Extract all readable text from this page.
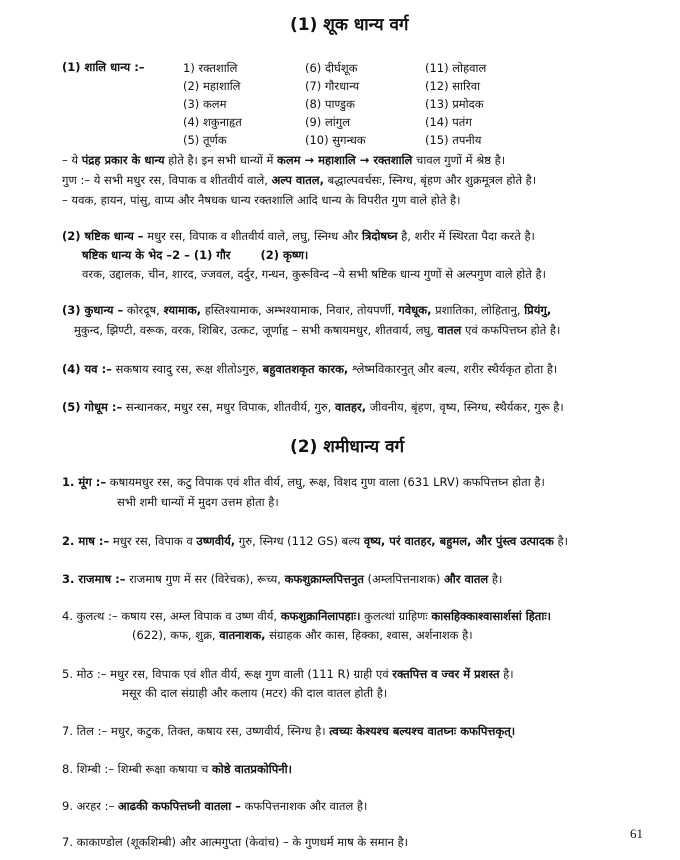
(1) शूक धान्य वर्ग
(1) शालि धान्य :–	1) रक्तशालि
(2) महाशालि
(3) कलम
(4) शकुनाहृत
(5) तूर्णक
(6) दीर्घशूक
(7) गौरधान्य
(8) पाण्डुक
(9) लांगुल
(10) सुगन्धक
(11) लोहवाल
(12) सारिवा
(13) प्रमोदक
(14) पतंग
(15) तपनीय
– ये पंद्रह प्रकार के धान्य होते है। इन सभी धान्यों में कलम → महाशालि → रक्तशालि चावल गुणों में श्रेष्ठ है।
गुण :– ये सभी मधुर रस, विपाक व शीतवीर्य वाले, अल्प वातल, बद्धाल्पवर्चसः, स्निग्ध, बृंहण और शुक्रमूत्रल होते है।
– यवक, हायन, पांसु, वाप्य और नैषधक धान्य रक्तशालि आदि धान्य के विपरीत गुण वाले होते है।
(2) षष्टिक धान्य – मधुर रस, विपाक व शीतवीर्य वाले, लघु, स्निग्ध और त्रिदोषघ्न है, शरीर में स्थिरता पैदा करते है।
षष्टिक धान्य के भेद –2 – (1) गौर	(2) कृष्ण।
वरक, उद्दालक, चीन, शारद, ज्जवल, दर्दुर, गन्धन, कुरूविन्द –ये सभी षष्टिक धान्य गुणों से अल्पगुण वाले होते है।
(3) कुधान्य – कोरदूष, श्यामाक, हस्तिश्यामाक, अम्भश्यामाक, निवार, तोयपर्णी, गवेधूक, प्रशातिका, लोहितानु, प्रियंगु,
मुकुन्द, झिण्टी, वरूक, वरक, शिबिर, उत्कट, जूर्णाहृ – सभी कषायमधुर, शीतवार्य, लघु, वातल एवं कफपित्तघ्न होते है।
(4) यव :– सकषाय स्वादु रस, रूक्ष शीतोऽगुरु, बहुवातशकृत कारक, श्लेष्मविकारनुत् और बल्य, शरीर स्थैर्यकृत होता है।
(5) गोधूम :– सन्धानकर, मधुर रस, मधुर विपाक, शीतवीर्य, गुरु, वातहर, जीवनीय, बृंहण, वृष्य, स्निग्ध, स्थैर्यकर, गुरू है।
(2) शमीधान्य वर्ग
1. मूंग :– कषायमधुर रस, कटु विपाक एवं शीत वीर्य, लघु, रूक्ष, विशद गुण वाला (631 LRV) कफपित्तघ्न होता है।
सभी शमी धान्यों में मुदग उत्तम होता है।
2. माष :– मधुर रस, विपाक व उष्णवीर्य, गुरु, स्निग्ध (112 GS) बल्य वृष्य, परं वातहर, बहुमल, और पुंस्त्व उत्पादक है।
3. राजमाष :– राजमाष गुण में सर (विरेचक), रूच्य, कफशुक्राम्लपित्तनुत (अम्लपित्तनाशक) और वातल है।
4. कुलत्थ :– कषाय रस, अम्ल विपाक व उष्ण वीर्य, कफशुक्रानिलापहाः। कुलत्थां ग्राहिणः कासहिक्काश्वासार्शसां हिताः।
(622), कफ, शुक्र, वातनाशक, संग्राहक और कास, हिक्का, श्वास, अर्शनाशक है।
5. मोठ :– मधुर रस, विपाक एवं शीत वीर्य, रूक्ष गुण वाली (111 R) ग्राही एवं रक्तपित्त व ज्वर में प्रशस्त है।
मसूर की दाल संग्राही और कलाय (मटर) की दाल वातल होती है।
7. तिल :– मधुर, कटुक, तिक्त, कषाय रस, उष्णवीर्य, स्निग्ध है। त्वच्यः केश्यश्च बल्यश्च वातघ्नः कफपित्तकृत्।
8. शिम्बी :– शिम्बी रूक्षा कषाया च कोष्ठे वातप्रकोपिनी।
9. अरहर :– आढकी कफपित्तघ्नी वातला – कफपित्तनाशक और वातल है।
7. काकाण्डोल (शूकशिम्बी) और आत्मगुप्ता (केवांच) – के गुणधर्म माष के समान है।
61
